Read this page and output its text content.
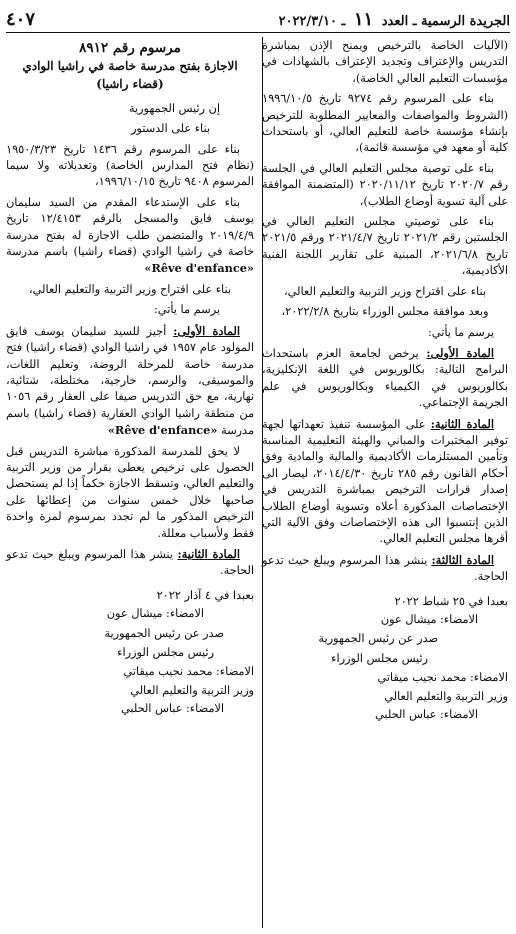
الجريدة الرسمية ـ العدد ١١ ـ ٢٠٢٢/٣/١٠
٤٠٧

(الآليات الخاصة بالترخيص ويمنح الإذن بمباشرة التدريس والإعتراف وتجديد الإعتراف بالشهادات في مؤسسات التعليم العالي الخاصة)،

بناء على المرسوم رقم ٩٢٧٤ تاريخ ١٩٩٦/١٠/٥ (الشروط والمواصفات والمعايير المطلوبة للترخيص بإنشاء مؤسسة خاصة للتعليم العالي، أو باستحداث كلية أو معهد في مؤسسة قائمة)،

بناء على توصية مجلس التعليم العالي في الجلسة رقم ٢٠٢٠/٧ تاريخ ٢٠٢٠/١١/١٢ (المتضمنة الموافقة على آلية تسوية أوضاع الطلاب)،

بناء على توصيتي مجلس التعليم العالي في الجلستين رقم ٢٠٢١/٢ تاريخ ٢٠٢١/٤/٧ ورقم ٢٠٢١/٥ تاريخ ٢٠٢١/٦/٨، المبنية على تقارير اللجنة الفنية الأكاديمية،

بناء على اقتراح وزير التربية والتعليم العالي،

وبعد موافقة مجلس الوزراء بتاريخ ٢٠٢٢/٢/٨،

يرسم ما يأتي:

المادة الأولى: يرخص لجامعة العزم باستحداث البرامج التالية: بكالوريوس في اللغة الإنكليزية، بكالوريوس في الكيمياء وبكالوريوس في علم الجريمة الإجتماعي.

المادة الثانية: على المؤسسة تنفيذ تعهداتها لجهة توفير المختبرات والمباني والهيئة التعليمية المناسبة وتأمين المستلزمات الأكاديمية والمالية والمادية وفق أحكام القانون رقم ٢٨٥ تاريخ ٢٠١٤/٤/٣٠، ليصار الى إصدار قرارات الترخيص بمباشرة التدريس في الإختصاصات المذكورة أعلاه وتسوية أوضاع الطلاب الذين إنتسبوا الى هذه الإختصاصات وفق الآلية التي أقرها مجلس التعليم العالي.

المادة الثالثة: ينشر هذا المرسوم ويبلغ حيث تدعو الحاجة.

بعبدا في ٢٥ شباط ٢٠٢٢

الامضاء: ميشال عون

صدر عن رئيس الجمهورية

رئيس مجلس الوزراء

الامضاء: محمد نجيب ميقاتي

وزير التربية والتعليم العالي

الامضاء: عباس الحلبي

مرسوم رقم ٨٩١٢
الاجازة بفتح مدرسة خاصة في راشيا الوادي
(قضاء راشيا)

إن رئيس الجمهورية

بناء على الدستور

بناء على المرسوم رقم ١٤٣٦ تاريخ ١٩٥٠/٣/٢٣ (نظام فتح المدارس الخاصة) وتعديلاته ولا سيما المرسوم ٩٤٠٨ تاريخ ١٩٩٦/١٠/١٥،

بناء على الإستدعاء المقدم من السيد سليمان يوسف فايق والمسجل بالرقم ١٢/٤١٥٣ تاريخ ٢٠١٩/٤/٩ والمتضمن طلب الاجازة له بفتح مدرسة خاصة في راشيا الوادي (قضاء راشيا) باسم مدرسة «Rêve d'enfance»

بناء على اقتراح وزير التربية والتعليم العالي،

يرسم ما يأتي:

المادة الأولى: أجيز للسيد سليمان يوسف فايق المولود عام ١٩٥٧ في راشيا الوادي (قضاء راشيا) فتح مدرسة خاصة للمرحلة الروضة، وتعليم اللغات، والموسيقى، والرسم، خارجية، مختلطة، شتائية، نهارية، مع حق التدريس صيفا على العقار رقم ١٠٥٦ من منطقة راشيا الوادي العقارية (قضاء راشيا) باسم مدرسة «Rêve d'enfance»

لا يحق للمدرسة المذكورة مباشرة التدريس قبل الحصول على ترخيص يعطى بقرار من وزير التربية والتعليم العالي، وتسقط الاجازة حكماً إذا لم يستحصل صاحبها خلال خمس سنوات من إعطائها على الترخيص المذكور ما لم تجدد بمرسوم لمرة واحدة فقط ولأسباب معللة.

المادة الثانية: ينشر هذا المرسوم ويبلغ حيث تدعو الحاجة.

بعبدا في ٤ آذار ٢٠٢٢

الامضاء: ميشال عون

صدر عن رئيس الجمهورية

رئيس مجلس الوزراء

الامضاء: محمد نجيب ميقاتي

وزير التربية والتعليم العالي

الامضاء: عباس الحلبي
